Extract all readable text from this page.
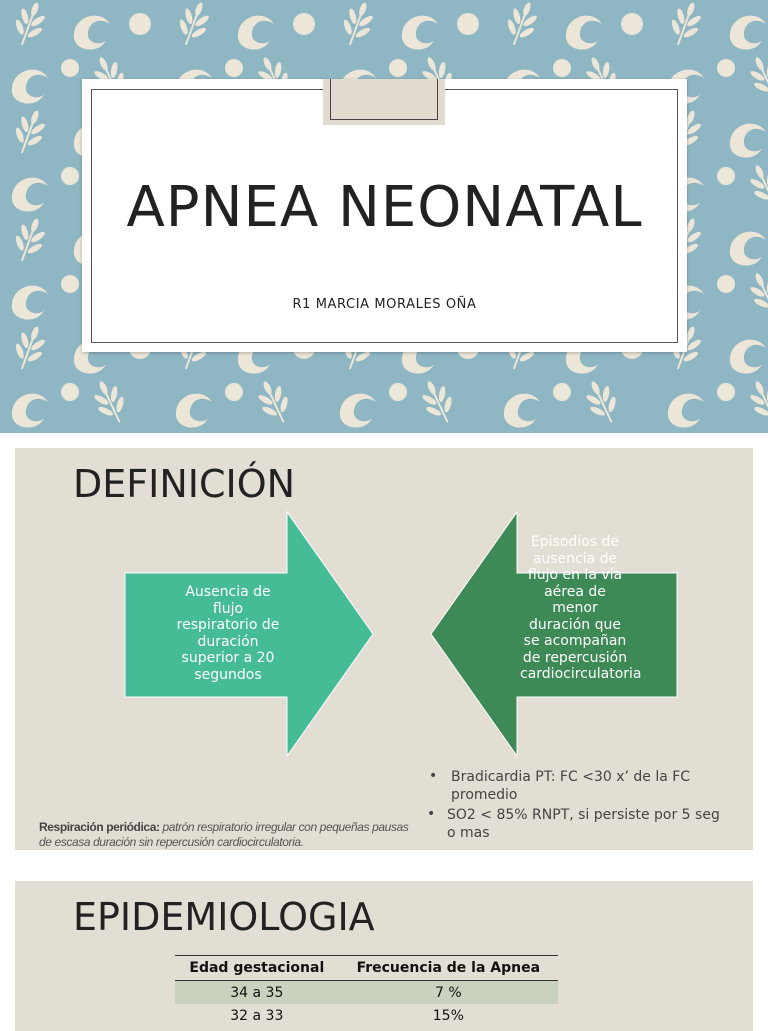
APNEA NEONATAL
R1 MARCIA MORALES OÑA
DEFINICIÓN
Ausencia de flujo respiratorio de duración superior a 20 segundos
Episodios de ausencia de flujo en la vía aérea de menor duración que se acompañan de repercusión cardiocirculatoria
• Bradicardia PT: FC <30 x’ de la FC promedio
• SO2 < 85% RNPT, si persiste por 5 seg o mas
Respiración periódica: patrón respiratorio irregular con pequeñas pausas de escasa duración sin repercusión cardiocirculatoria.
EPIDEMIOLOGIA
Edad gestacional	Frecuencia de la Apnea
34 a 35	7 %
32 a 33	15%
